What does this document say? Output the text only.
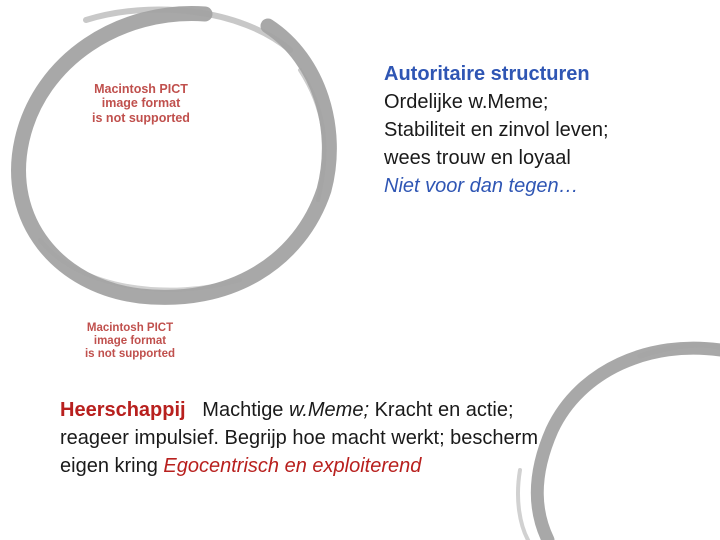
Macintosh PICT
image format
is not supported
Macintosh PICT
image format
is not supported
Autoritaire structuren
Ordelijke w.Meme;
Stabiliteit en zinvol leven;
wees trouw en loyaal
Niet voor dan tegen…
Heerschappij Machtige w.Meme; Kracht en actie;
reageer impulsief. Begrijp hoe macht werkt; bescherm
eigen kring Egocentrisch en exploiterend
